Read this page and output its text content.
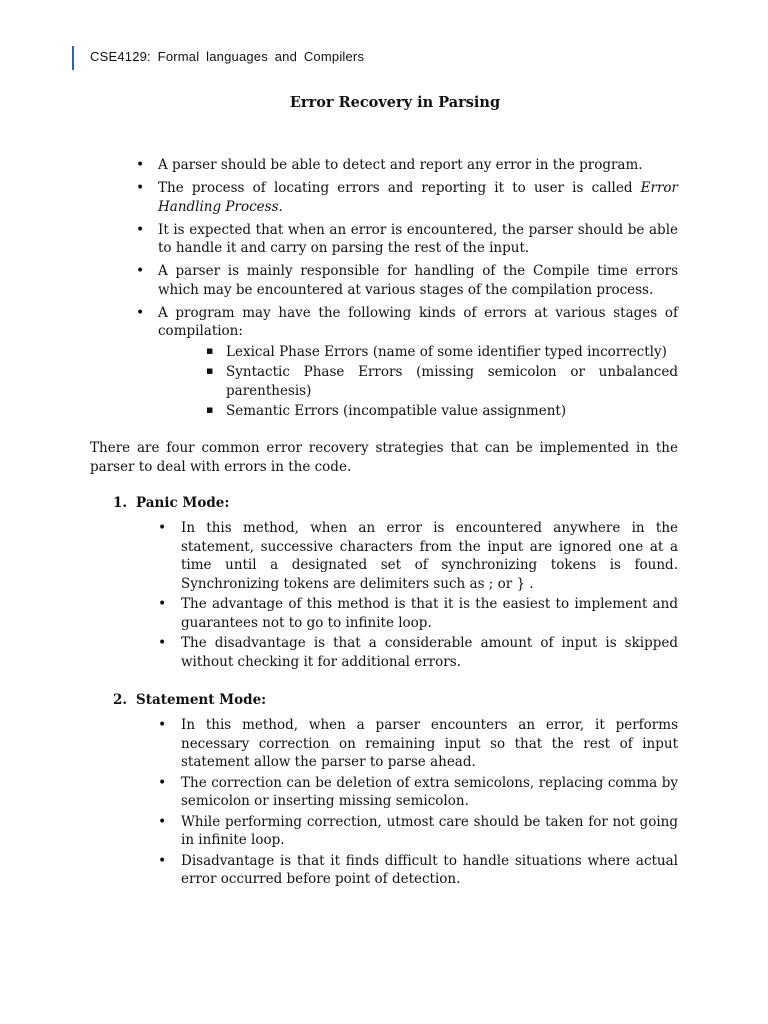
CSE4129: Formal languages and Compilers
Error Recovery in Parsing
• A parser should be able to detect and report any error in the program.
• The process of locating errors and reporting it to user is called Error Handling Process.
• It is expected that when an error is encountered, the parser should be able to handle it and carry on parsing the rest of the input.
• A parser is mainly responsible for handling of the Compile time errors which may be encountered at various stages of the compilation process.
• A program may have the following kinds of errors at various stages of compilation:
▪ Lexical Phase Errors (name of some identifier typed incorrectly)
▪ Syntactic Phase Errors (missing semicolon or unbalanced parenthesis)
▪ Semantic Errors (incompatible value assignment)
There are four common error recovery strategies that can be implemented in the parser to deal with errors in the code.
1. Panic Mode:
• In this method, when an error is encountered anywhere in the statement, successive characters from the input are ignored one at a time until a designated set of synchronizing tokens is found. Synchronizing tokens are delimiters such as ; or } .
• The advantage of this method is that it is the easiest to implement and guarantees not to go to infinite loop.
• The disadvantage is that a considerable amount of input is skipped without checking it for additional errors.
2. Statement Mode:
• In this method, when a parser encounters an error, it performs necessary correction on remaining input so that the rest of input statement allow the parser to parse ahead.
• The correction can be deletion of extra semicolons, replacing comma by semicolon or inserting missing semicolon.
• While performing correction, utmost care should be taken for not going in infinite loop.
• Disadvantage is that it finds difficult to handle situations where actual error occurred before point of detection.
